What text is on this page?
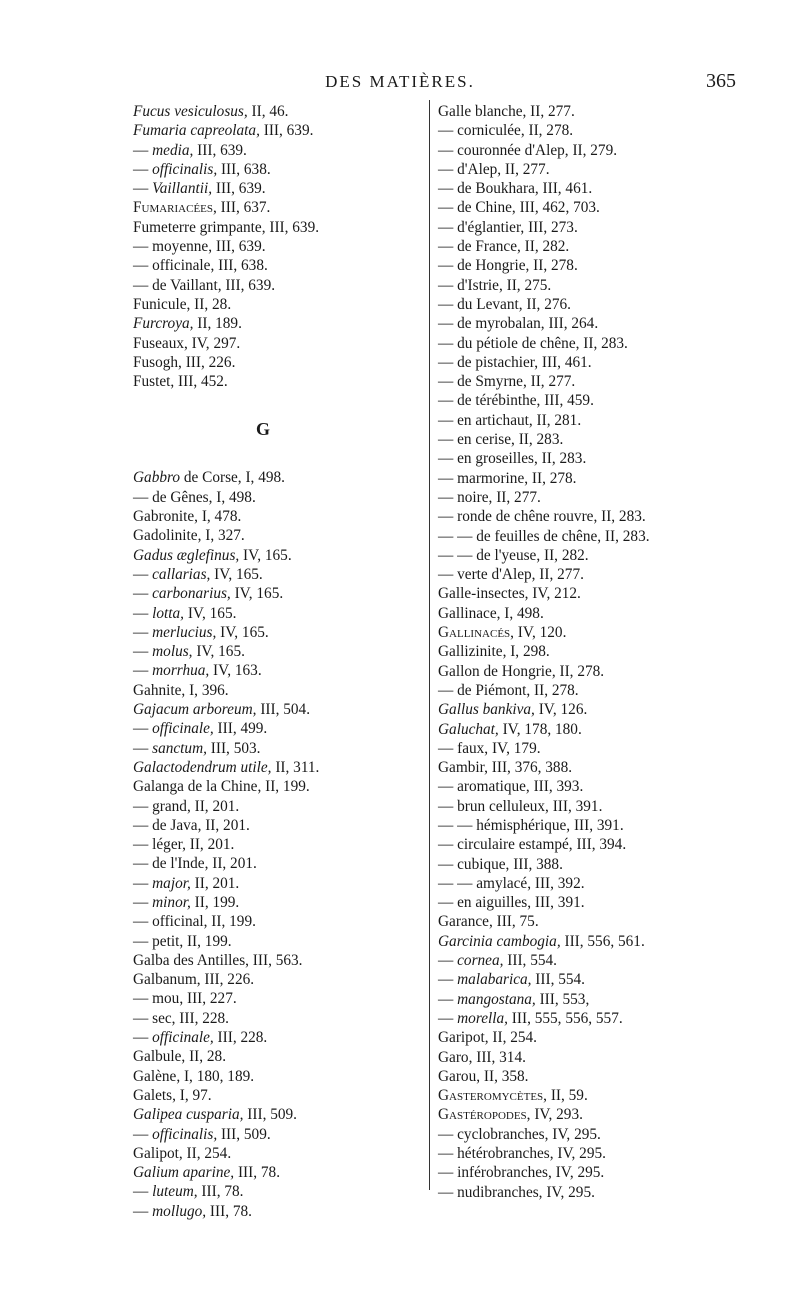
DES MATIÈRES.	365
Fucus vesiculosus, II, 46.
Fumaria capreolata, III, 639.
— media, III, 639.
— officinalis, III, 638.
— Vaillantii, III, 639.
Fumariacées, III, 637.
Fumeterre grimpante, III, 639.
— moyenne, III, 639.
— officinale, III, 638.
— de Vaillant, III, 639.
Funicule, II, 28.
Furcroya, II, 189.
Fuseaux, IV, 297.
Fusogh, III, 226.
Fustet, III, 452.
G
Gabbro de Corse, I, 498.
— de Gênes, I, 498.
Gabronite, I, 478.
Gadolinite, I, 327.
Gadus æglefinus, IV, 165.
— callarias, IV, 165.
— carbonarius, IV, 165.
— lotta, IV, 165.
— merlucius, IV, 165.
— molus, IV, 165.
— morrhua, IV, 163.
Gahnite, I, 396.
Gajacum arboreum, III, 504.
— officinale, III, 499.
— sanctum, III, 503.
Galactodendrum utile, II, 311.
Galanga de la Chine, II, 199.
— grand, II, 201.
— de Java, II, 201.
— léger, II, 201.
— de l'Inde, II, 201.
— major, II, 201.
— minor, II, 199.
— officinal, II, 199.
— petit, II, 199.
Galba des Antilles, III, 563.
Galbanum, III, 226.
— mou, III, 227.
— sec, III, 228.
— officinale, III, 228.
Galbule, II, 28.
Galène, I, 180, 189.
Galets, I, 97.
Galipea cusparia, III, 509.
— officinalis, III, 509.
Galipot, II, 254.
Galium aparine, III, 78.
— luteum, III, 78.
— mollugo, III, 78.
Galle blanche, II, 277.
— corniculée, II, 278.
— couronnée d'Alep, II, 279.
— d'Alep, II, 277.
— de Boukhara, III, 461.
— de Chine, III, 462, 703.
— d'églantier, III, 273.
— de France, II, 282.
— de Hongrie, II, 278.
— d'Istrie, II, 275.
— du Levant, II, 276.
— de myrobalan, III, 264.
— du pétiole de chêne, II, 283.
— de pistachier, III, 461.
— de Smyrne, II, 277.
— de térébinthe, III, 459.
— en artichaut, II, 281.
— en cerise, II, 283.
— en groseilles, II, 283.
— marmorine, II, 278.
— noire, II, 277.
— ronde de chêne rouvre, II, 283.
— — de feuilles de chêne, II, 283.
— — de l'yeuse, II, 282.
— verte d'Alep, II, 277.
Galle-insectes, IV, 212.
Gallinace, I, 498.
Gallinacés, IV, 120.
Gallizinite, I, 298.
Gallon de Hongrie, II, 278.
— de Piémont, II, 278.
Gallus bankiva, IV, 126.
Galuchat, IV, 178, 180.
— faux, IV, 179.
Gambir, III, 376, 388.
— aromatique, III, 393.
— brun celluleux, III, 391.
— — hémisphérique, III, 391.
— circulaire estampé, III, 394.
— cubique, III, 388.
— — amylacé, III, 392.
— en aiguilles, III, 391.
Garance, III, 75.
Garcinia cambogia, III, 556, 561.
— cornea, III, 554.
— malabarica, III, 554.
— mangostana, III, 553,
— morella, III, 555, 556, 557.
Garipot, II, 254.
Garo, III, 314.
Garou, II, 358.
Gasteromycètes, II, 59.
Gastéropodes, IV, 293.
— cyclobranches, IV, 295.
— hétérobranches, IV, 295.
— inférobranches, IV, 295.
— nudibranches, IV, 295.
